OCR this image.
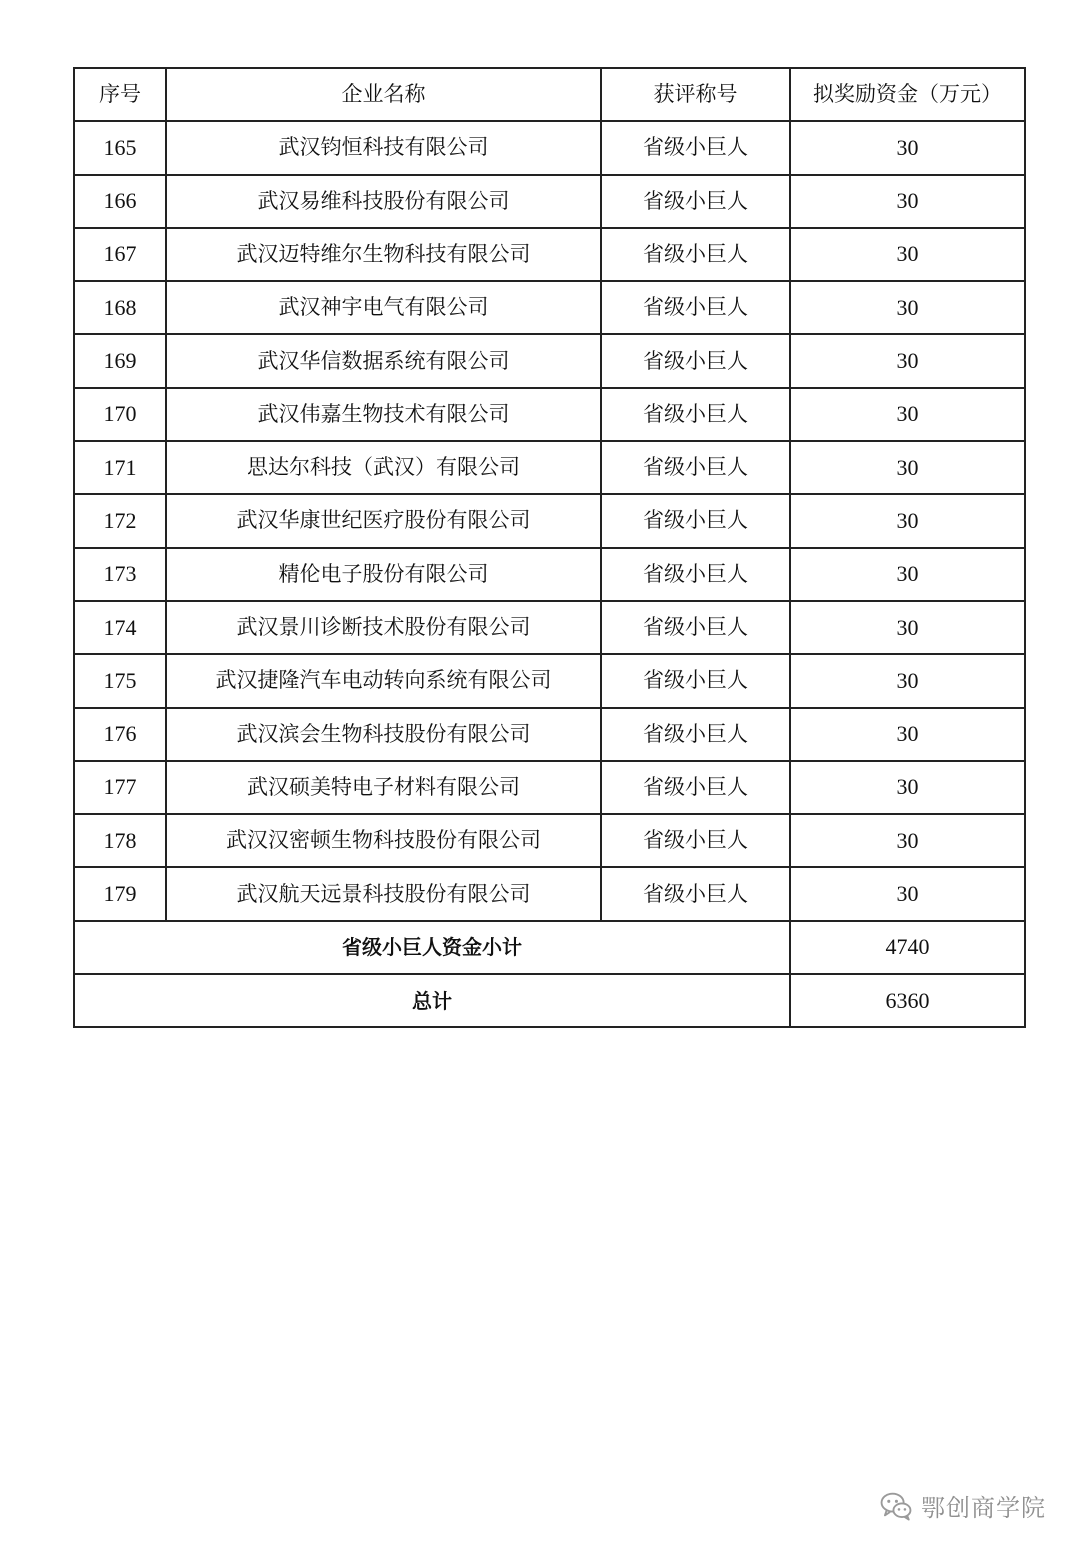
序号	企业名称	获评称号	拟奖励资金（万元）
165	武汉钧恒科技有限公司	省级小巨人	30
166	武汉易维科技股份有限公司	省级小巨人	30
167	武汉迈特维尔生物科技有限公司	省级小巨人	30
168	武汉神宇电气有限公司	省级小巨人	30
169	武汉华信数据系统有限公司	省级小巨人	30
170	武汉伟嘉生物技术有限公司	省级小巨人	30
171	思达尔科技（武汉）有限公司	省级小巨人	30
172	武汉华康世纪医疗股份有限公司	省级小巨人	30
173	精伦电子股份有限公司	省级小巨人	30
174	武汉景川诊断技术股份有限公司	省级小巨人	30
175	武汉捷隆汽车电动转向系统有限公司	省级小巨人	30
176	武汉滨会生物科技股份有限公司	省级小巨人	30
177	武汉硕美特电子材料有限公司	省级小巨人	30
178	武汉汉密顿生物科技股份有限公司	省级小巨人	30
179	武汉航天远景科技股份有限公司	省级小巨人	30
省级小巨人资金小计			4740
总计			6360
鄂创商学院
